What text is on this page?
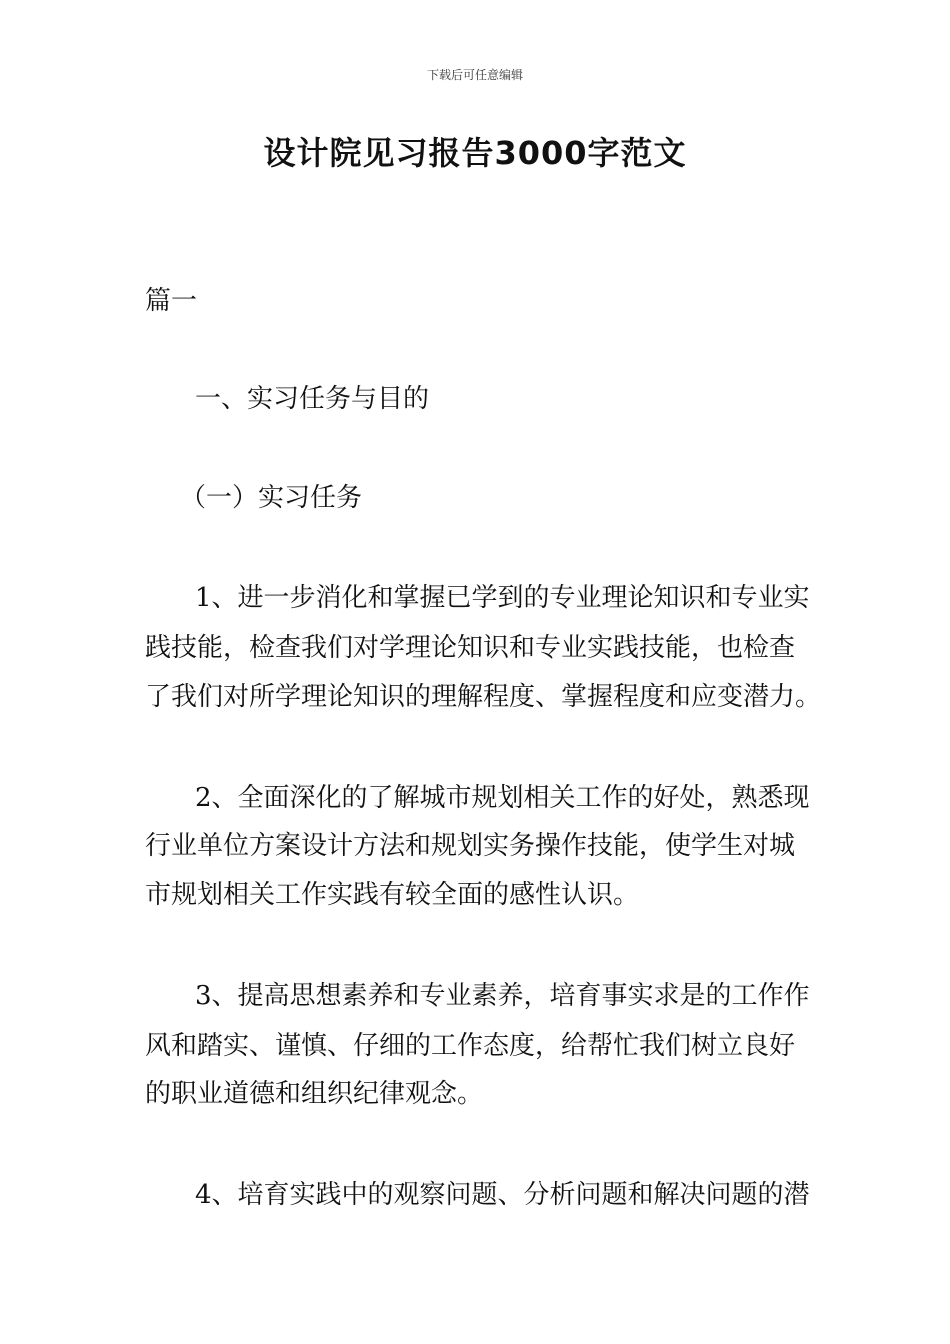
下载后可任意编辑
设计院见习报告3000字范文
篇一
一、实习任务与目的
（一）实习任务
1、进一步消化和掌握已学到的专业理论知识和专业实
践技能，检查我们对学理论知识和专业实践技能，也检查
了我们对所学理论知识的理解程度、掌握程度和应变潜力。
2、全面深化的了解城市规划相关工作的好处，熟悉现
行业单位方案设计方法和规划实务操作技能，使学生对城
市规划相关工作实践有较全面的感性认识。
3、提高思想素养和专业素养，培育事实求是的工作作
风和踏实、谨慎、仔细的工作态度，给帮忙我们树立良好
的职业道德和组织纪律观念。
4、培育实践中的观察问题、分析问题和解决问题的潜
